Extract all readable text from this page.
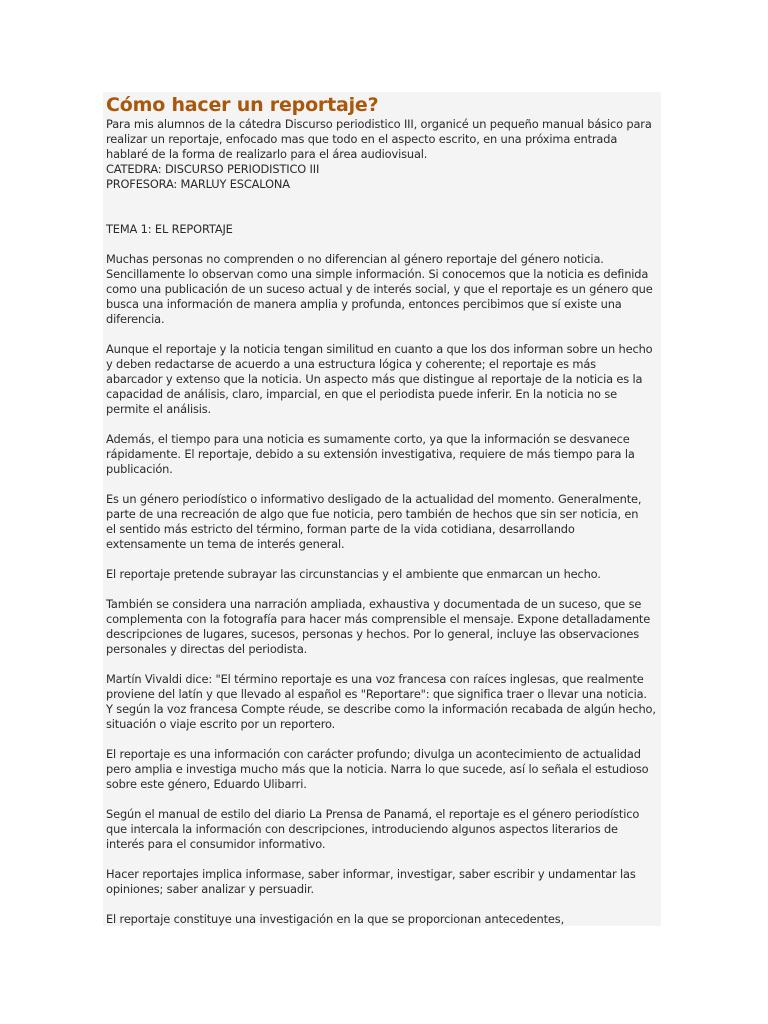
Cómo hacer un reportaje?

Para mis alumnos de la cátedra Discurso periodistico III, organicé un pequeño manual básico para
realizar un reportaje, enfocado mas que todo en el aspecto escrito, en una próxima entrada
hablaré de la forma de realizarlo para el área audiovisual.
CATEDRA: DISCURSO PERIODISTICO III
PROFESORA: MARLUY ESCALONA

TEMA 1: EL REPORTAJE

Muchas personas no comprenden o no diferencian al género reportaje del género noticia.
Sencillamente lo observan como una simple información. Si conocemos que la noticia es definida
como una publicación de un suceso actual y de interés social, y que el reportaje es un género que
busca una información de manera amplia y profunda, entonces percibimos que sí existe una
diferencia.

Aunque el reportaje y la noticia tengan similitud en cuanto a que los dos informan sobre un hecho
y deben redactarse de acuerdo a una estructura lógica y coherente; el reportaje es más
abarcador y extenso que la noticia. Un aspecto más que distingue al reportaje de la noticia es la
capacidad de análisis, claro, imparcial, en que el periodista puede inferir. En la noticia no se
permite el análisis.

Además, el tiempo para una noticia es sumamente corto, ya que la información se desvanece
rápidamente. El reportaje, debido a su extensión investigativa, requiere de más tiempo para la
publicación.

Es un género periodístico o informativo desligado de la actualidad del momento. Generalmente,
parte de una recreación de algo que fue noticia, pero también de hechos que sin ser noticia, en
el sentido más estricto del término, forman parte de la vida cotidiana, desarrollando
extensamente un tema de interés general.

El reportaje pretende subrayar las circunstancias y el ambiente que enmarcan un hecho.

También se considera una narración ampliada, exhaustiva y documentada de un suceso, que se
complementa con la fotografía para hacer más comprensible el mensaje. Expone detalladamente
descripciones de lugares, sucesos, personas y hechos. Por lo general, incluye las observaciones
personales y directas del periodista.

Martín Vivaldi dice: "El término reportaje es una voz francesa con raíces inglesas, que realmente
proviene del latín y que llevado al español es "Reportare": que significa traer o llevar una noticia.
Y según la voz francesa Compte réude, se describe como la información recabada de algún hecho,
situación o viaje escrito por un reportero.

El reportaje es una información con carácter profundo; divulga un acontecimiento de actualidad
pero amplia e investiga mucho más que la noticia. Narra lo que sucede, así lo señala el estudioso
sobre este género, Eduardo Ulibarri.

Según el manual de estilo del diario La Prensa de Panamá, el reportaje es el género periodístico
que intercala la información con descripciones, introduciendo algunos aspectos literarios de
interés para el consumidor informativo.

Hacer reportajes implica informase, saber informar, investigar, saber escribir y undamentar las
opiniones; saber analizar y persuadir.

El reportaje constituye una investigación en la que se proporcionan antecedentes,
